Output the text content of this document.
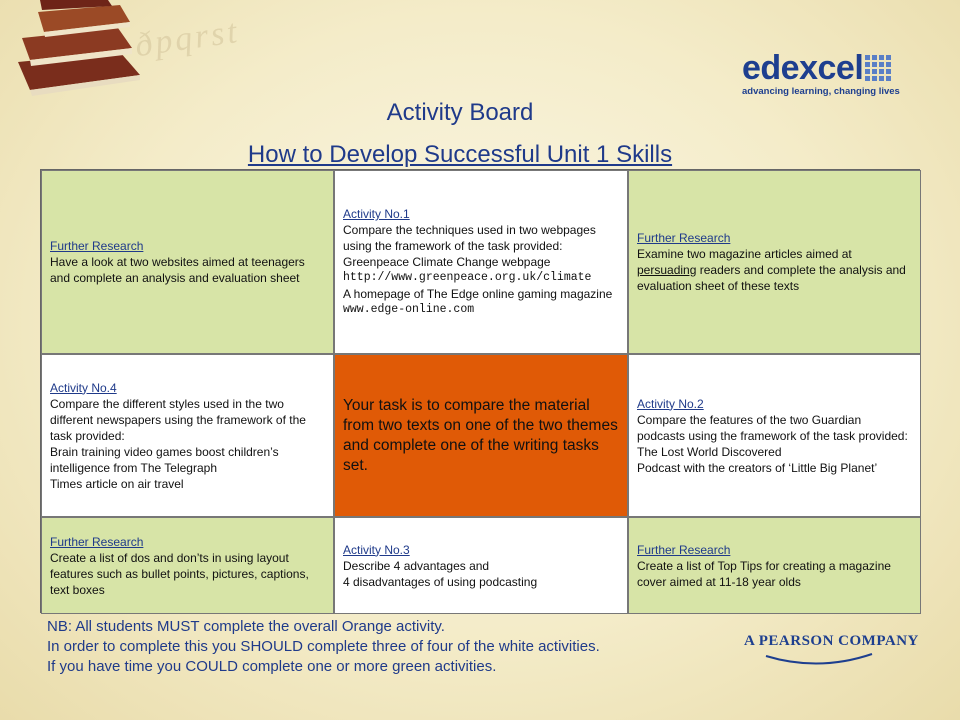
ðpqrst
edexcel
advancing learning, changing lives
Activity Board
How to Develop Successful Unit 1 Skills
Further Research
Have a look at two websites aimed at teenagers and complete an analysis and evaluation sheet
Activity No.1
Compare the techniques used in two webpages using the framework of the task provided:
Greenpeace Climate Change webpage
http://www.greenpeace.org.uk/climate
A homepage of The Edge online gaming magazine
www.edge-online.com
Further Research
Examine two magazine articles aimed at persuading readers and complete the analysis and evaluation sheet of these texts
Activity No.4
Compare the different styles used in the two different newspapers using the framework of the task provided:
Brain training video games boost children’s intelligence from The Telegraph
Times article on air travel
Your task is to compare the material from two texts on one of the two themes and complete one of the writing tasks set.
Activity No.2
Compare the features of the two Guardian podcasts using the framework of the task provided:
The Lost World Discovered
Podcast with the creators of ‘Little Big Planet’
Further Research
Create a list of dos and don’ts in using layout features such as bullet points, pictures, captions, text boxes
Activity No.3
Describe 4 advantages and
4 disadvantages of using podcasting
Further Research
Create a list of Top Tips for creating a magazine cover aimed at 11-18 year olds
NB: All students MUST complete the overall Orange activity.
In order to complete this you SHOULD complete three of four of the white activities.
If you have time you COULD complete one or more green activities.
A PEARSON COMPANY
